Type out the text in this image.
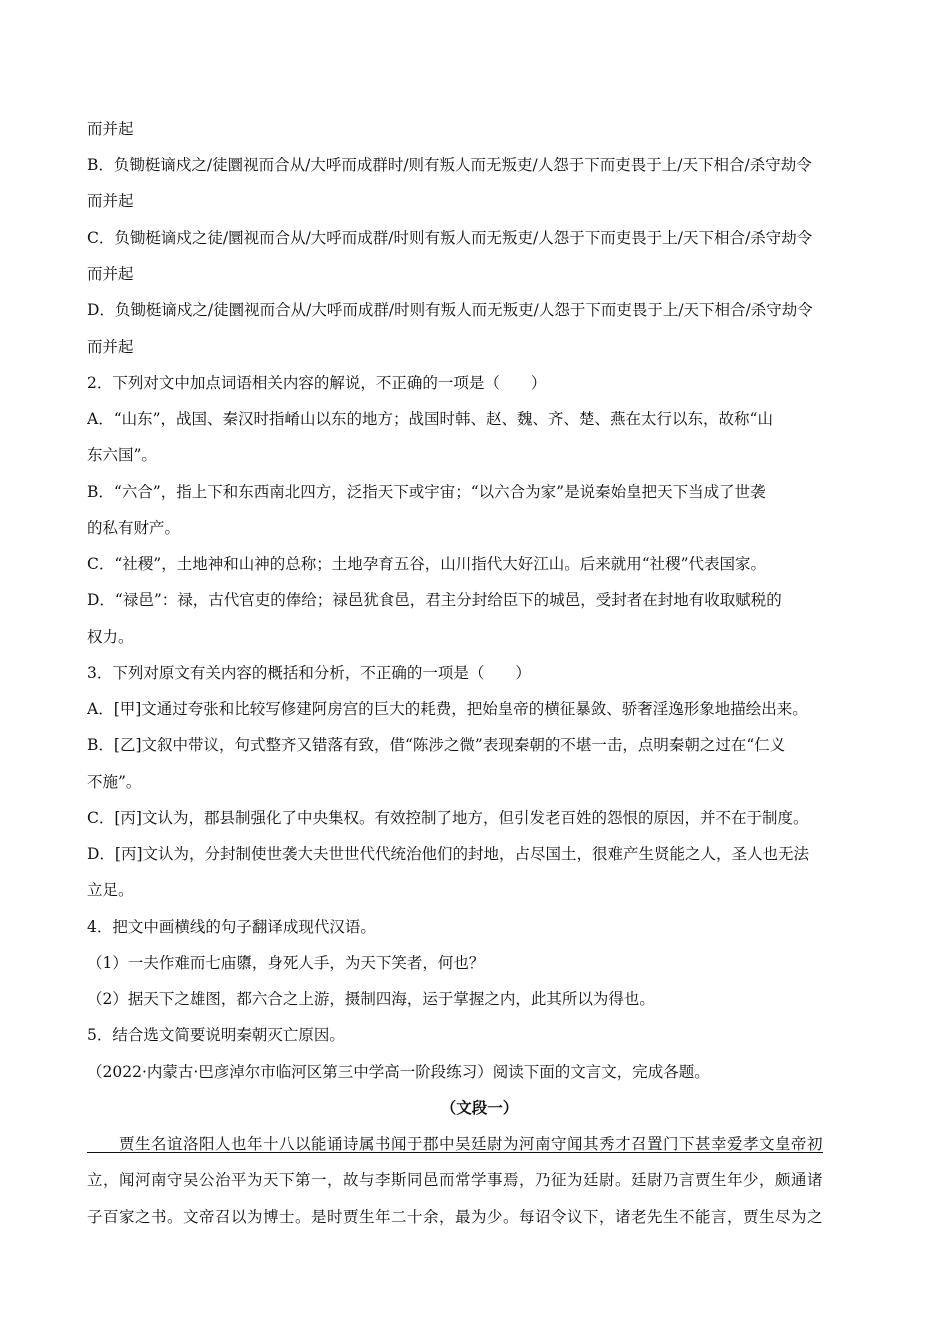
而并起
B．负锄梃谪戍之/徒圜视而合从/大呼而成群时/则有叛人而无叛吏/人怨于下而吏畏于上/天下相合/杀守劫令
而并起
C．负锄梃谪戍之徒/圜视而合从/大呼而成群/时则有叛人而无叛吏/人怨于下而吏畏于上/天下相合/杀守劫令
而并起
D．负锄梃谪戍之/徒圜视而合从/大呼而成群/时则有叛人而无叛吏/人怨于下而吏畏于上/天下相合/杀守劫令
而并起
2．下列对文中加点词语相关内容的解说，不正确的一项是（　　）
A．“山东”，战国、秦汉时指崤山以东的地方；战国时韩、赵、魏、齐、楚、燕在太行以东，故称“山
东六国”。
B．“六合”，指上下和东西南北四方，泛指天下或宇宙；“以六合为家”是说秦始皇把天下当成了世袭
的私有财产。
C．“社稷”，土地神和山神的总称；土地孕育五谷，山川指代大好江山。后来就用“社稷”代表国家。
D．“禄邑”：禄，古代官吏的俸给；禄邑犹食邑，君主分封给臣下的城邑，受封者在封地有收取赋税的
权力。
3．下列对原文有关内容的概括和分析，不正确的一项是（　　）
A．[甲]文通过夸张和比较写修建阿房宫的巨大的耗费，把始皇帝的横征暴敛、骄奢淫逸形象地描绘出来。
B．[乙]文叙中带议，句式整齐又错落有致，借“陈涉之微”表现秦朝的不堪一击，点明秦朝之过在“仁义
不施”。
C．[丙]文认为，郡县制强化了中央集权。有效控制了地方，但引发老百姓的怨恨的原因，并不在于制度。
D．[丙]文认为，分封制使世袭大夫世世代代统治他们的封地，占尽国土，很难产生贤能之人，圣人也无法
立足。
4．把文中画横线的句子翻译成现代汉语。
（1）一夫作难而七庙隳，身死人手，为天下笑者，何也？
（2）据天下之雄图，都六合之上游，摄制四海，运于掌握之内，此其所以为得也。
5．结合选文简要说明秦朝灭亡原因。
（2022·内蒙古·巴彦淖尔市临河区第三中学高一阶段练习）阅读下面的文言文，完成各题。
（文段一）
　　贾生名谊洛阳人也年十八以能诵诗属书闻于郡中吴廷尉为河南守闻其秀才召置门下甚幸爱孝文皇帝初
立，闻河南守吴公治平为天下第一，故与李斯同邑而常学事焉，乃征为廷尉。廷尉乃言贾生年少，颇通诸
子百家之书。文帝召以为博士。是时贾生年二十余，最为少。每诏令议下，诸老先生不能言，贾生尽为之
